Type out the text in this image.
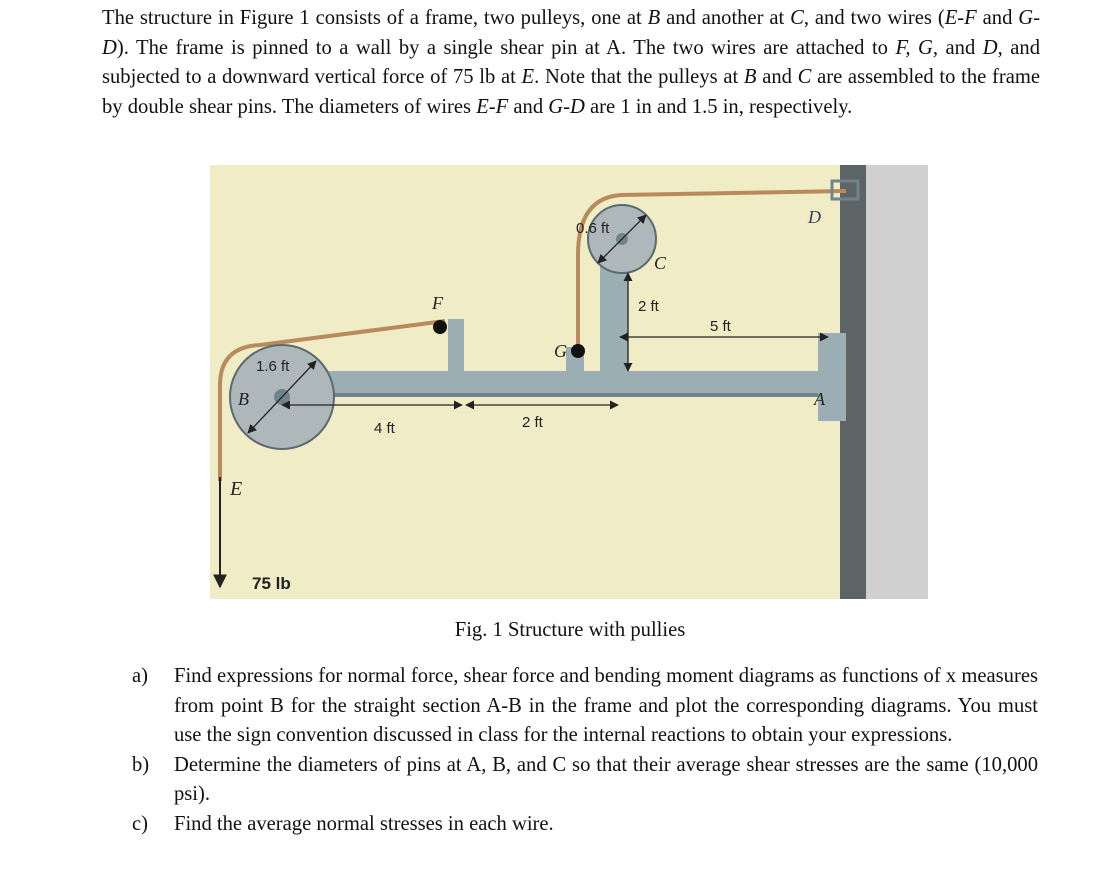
The structure in Figure 1 consists of a frame, two pulleys, one at B and another at C, and two wires (E-F and G-D). The frame is pinned to a wall by a single shear pin at A. The two wires are attached to F, G, and D, and subjected to a downward vertical force of 75 lb at E. Note that the pulleys at B and C are assembled to the frame by double shear pins. The diameters of wires E-F and G-D are 1 in and 1.5 in, respectively.

D
C
F
G
B	A
E
0.6 ft
1.6 ft
2 ft
5 ft
4 ft	2 ft
75 lb
Fig. 1 Structure with pullies
a) Find expressions for normal force, shear force and bending moment diagrams as functions of x measures from point B for the straight section A-B in the frame and plot the corresponding diagrams. You must use the sign convention discussed in class for the internal reactions to obtain your expressions.
b) Determine the diameters of pins at A, B, and C so that their average shear stresses are the same (10,000 psi).
c) Find the average normal stresses in each wire.
